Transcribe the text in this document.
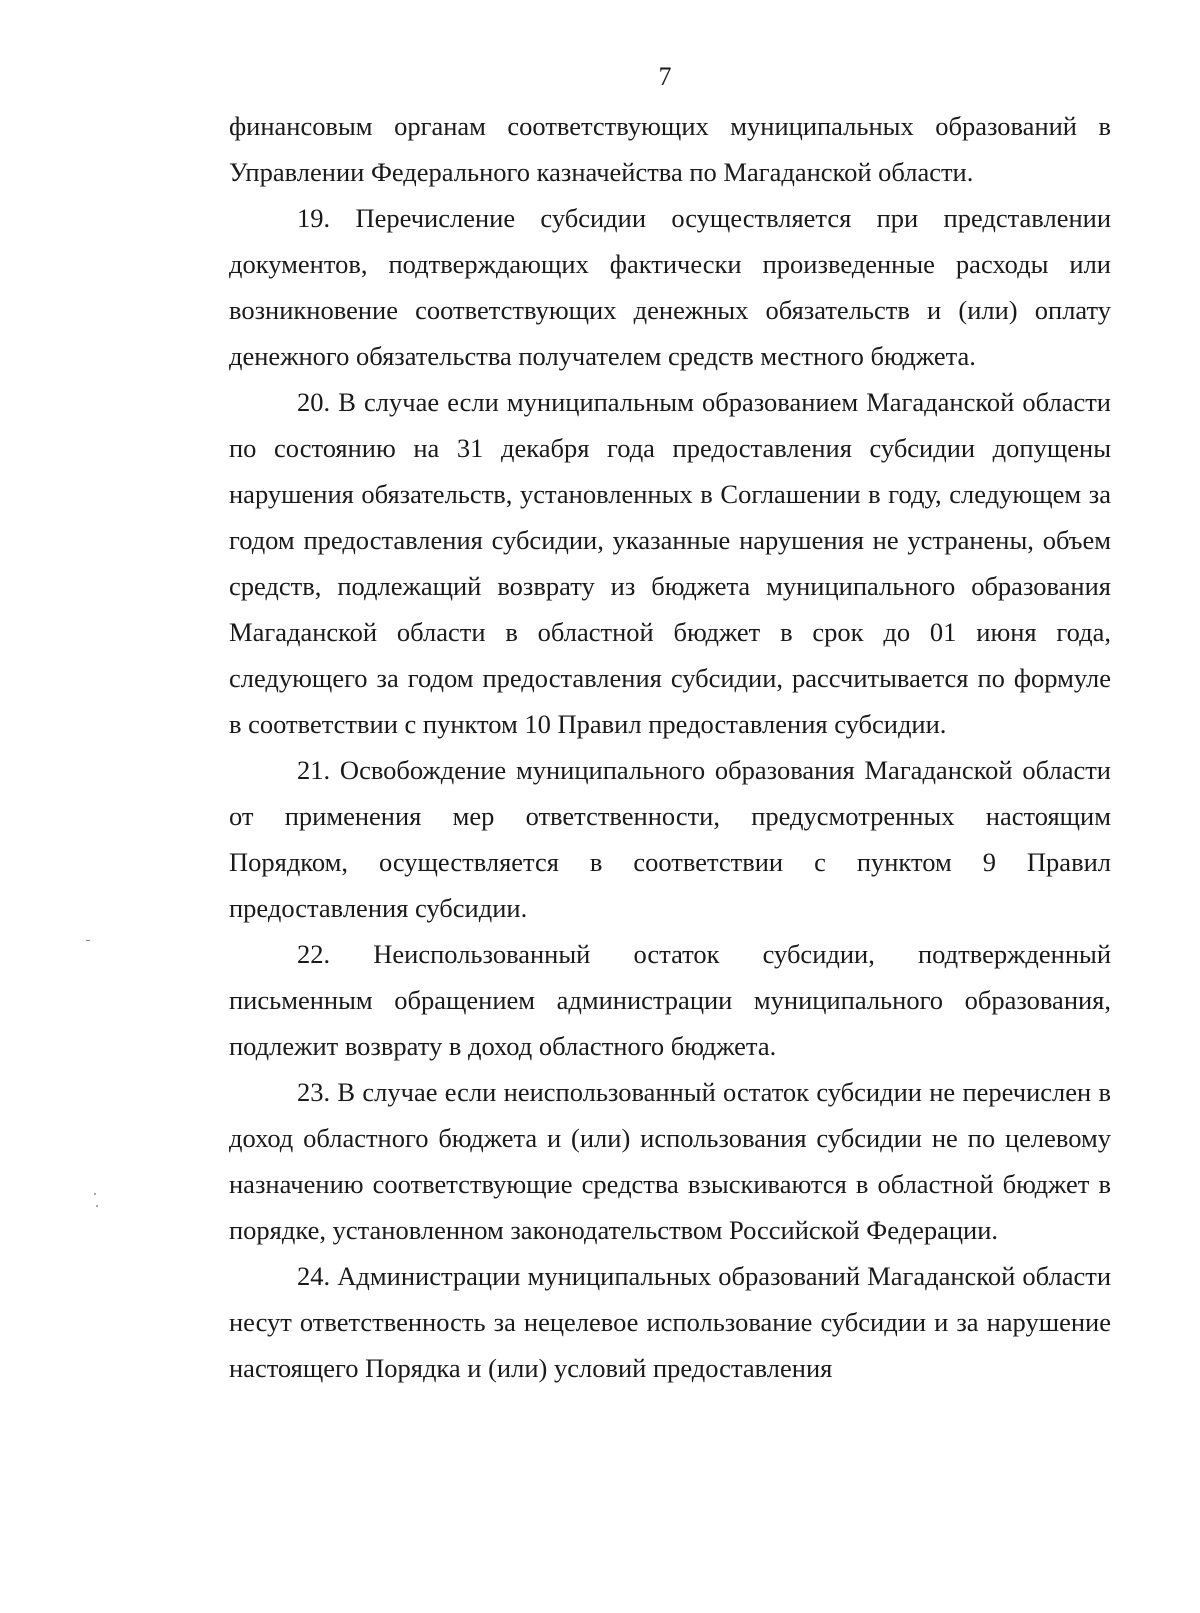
7

финансовым органам соответствующих муниципальных образований в Управлении Федерального казначейства по Магаданской области.

19. Перечисление субсидии осуществляется при представлении документов, подтверждающих фактически произведенные расходы или возникновение соответствующих денежных обязательств и (или) оплату денежного обязательства получателем средств местного бюджета.

20. В случае если муниципальным образованием Магаданской области по состоянию на 31 декабря года предоставления субсидии допущены нарушения обязательств, установленных в Соглашении в году, следующем за годом предоставления субсидии, указанные нарушения не устранены, объем средств, подлежащий возврату из бюджета муниципального образования Магаданской области в областной бюджет в срок до 01 июня года, следующего за годом предоставления субсидии, рассчитывается по формуле в соответствии с пунктом 10 Правил предоставления субсидии.

21. Освобождение муниципального образования Магаданской области от применения мер ответственности, предусмотренных настоящим Порядком, осуществляется в соответствии с пунктом 9 Правил предоставления субсидии.

22. Неиспользованный остаток субсидии, подтвержденный письменным обращением администрации муниципального образования, подлежит возврату в доход областного бюджета.

23. В случае если неиспользованный остаток субсидии не перечислен в доход областного бюджета и (или) использования субсидии не по целевому назначению соответствующие средства взыскиваются в областной бюджет в порядке, установленном законодательством Российской Федерации.

24. Администрации муниципальных образований Магаданской области несут ответственность за нецелевое использование субсидии и за нарушение настоящего Порядка и (или) условий предоставления
